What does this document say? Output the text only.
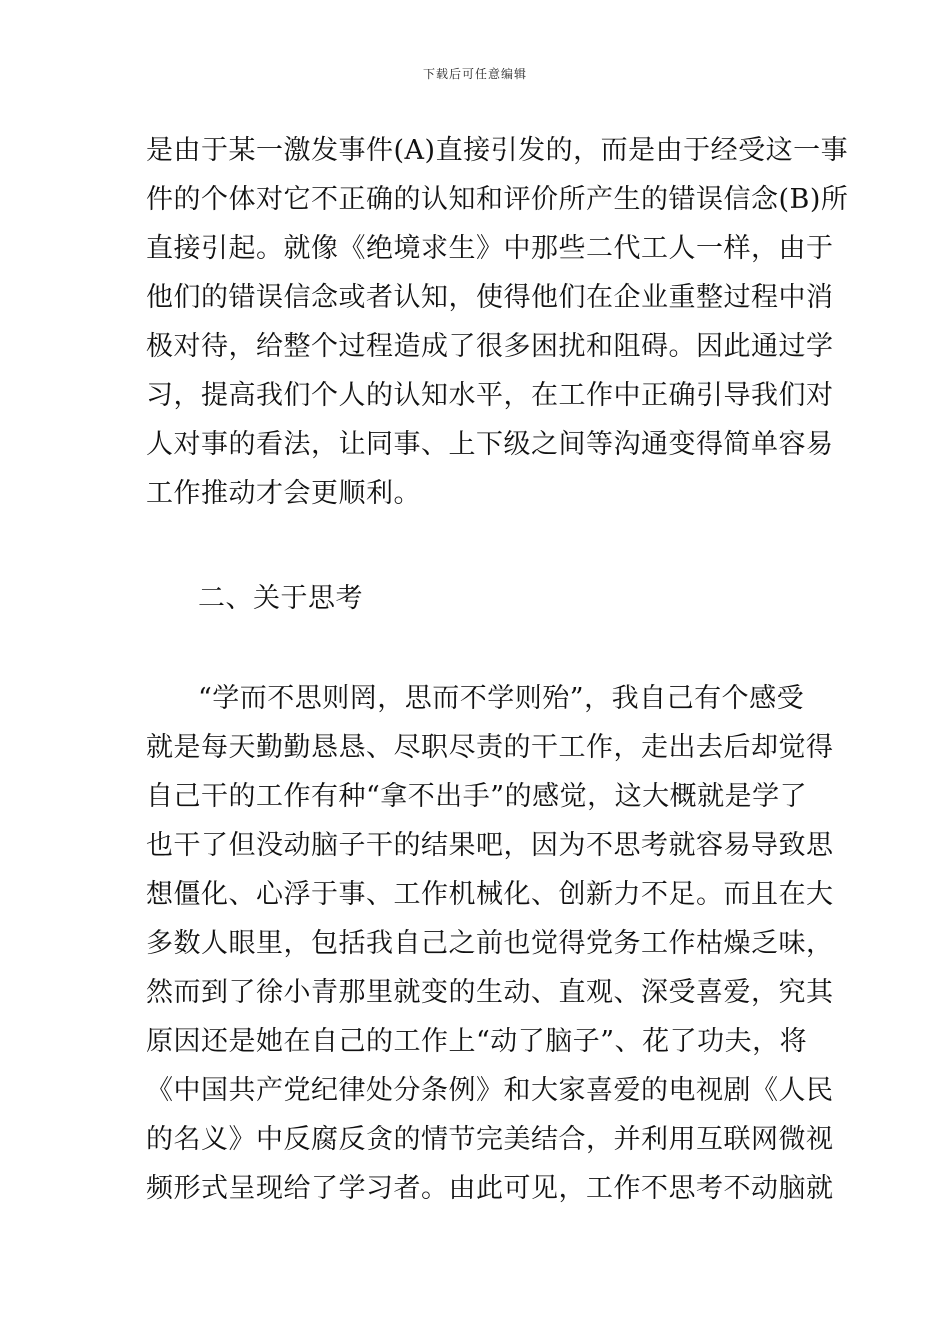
下载后可任意编辑
是由于某一激发事件(A)直接引发的，而是由于经受这一事
件的个体对它不正确的认知和评价所产生的错误信念(B)所
直接引起。就像《绝境求生》中那些二代工人一样，由于
他们的错误信念或者认知，使得他们在企业重整过程中消
极对待，给整个过程造成了很多困扰和阻碍。因此通过学
习，提高我们个人的认知水平，在工作中正确引导我们对
人对事的看法，让同事、上下级之间等沟通变得简单容易
工作推动才会更顺利。
二、关于思考
“学而不思则罔，思而不学则殆”，我自己有个感受
就是每天勤勤恳恳、尽职尽责的干工作，走出去后却觉得
自己干的工作有种“拿不出手”的感觉，这大概就是学了
也干了但没动脑子干的结果吧，因为不思考就容易导致思
想僵化、心浮于事、工作机械化、创新力不足。而且在大
多数人眼里，包括我自己之前也觉得党务工作枯燥乏味，
然而到了徐小青那里就变的生动、直观、深受喜爱，究其
原因还是她在自己的工作上“动了脑子”、花了功夫，将
《中国共产党纪律处分条例》和大家喜爱的电视剧《人民
的名义》中反腐反贪的情节完美结合，并利用互联网微视
频形式呈现给了学习者。由此可见，工作不思考不动脑就
